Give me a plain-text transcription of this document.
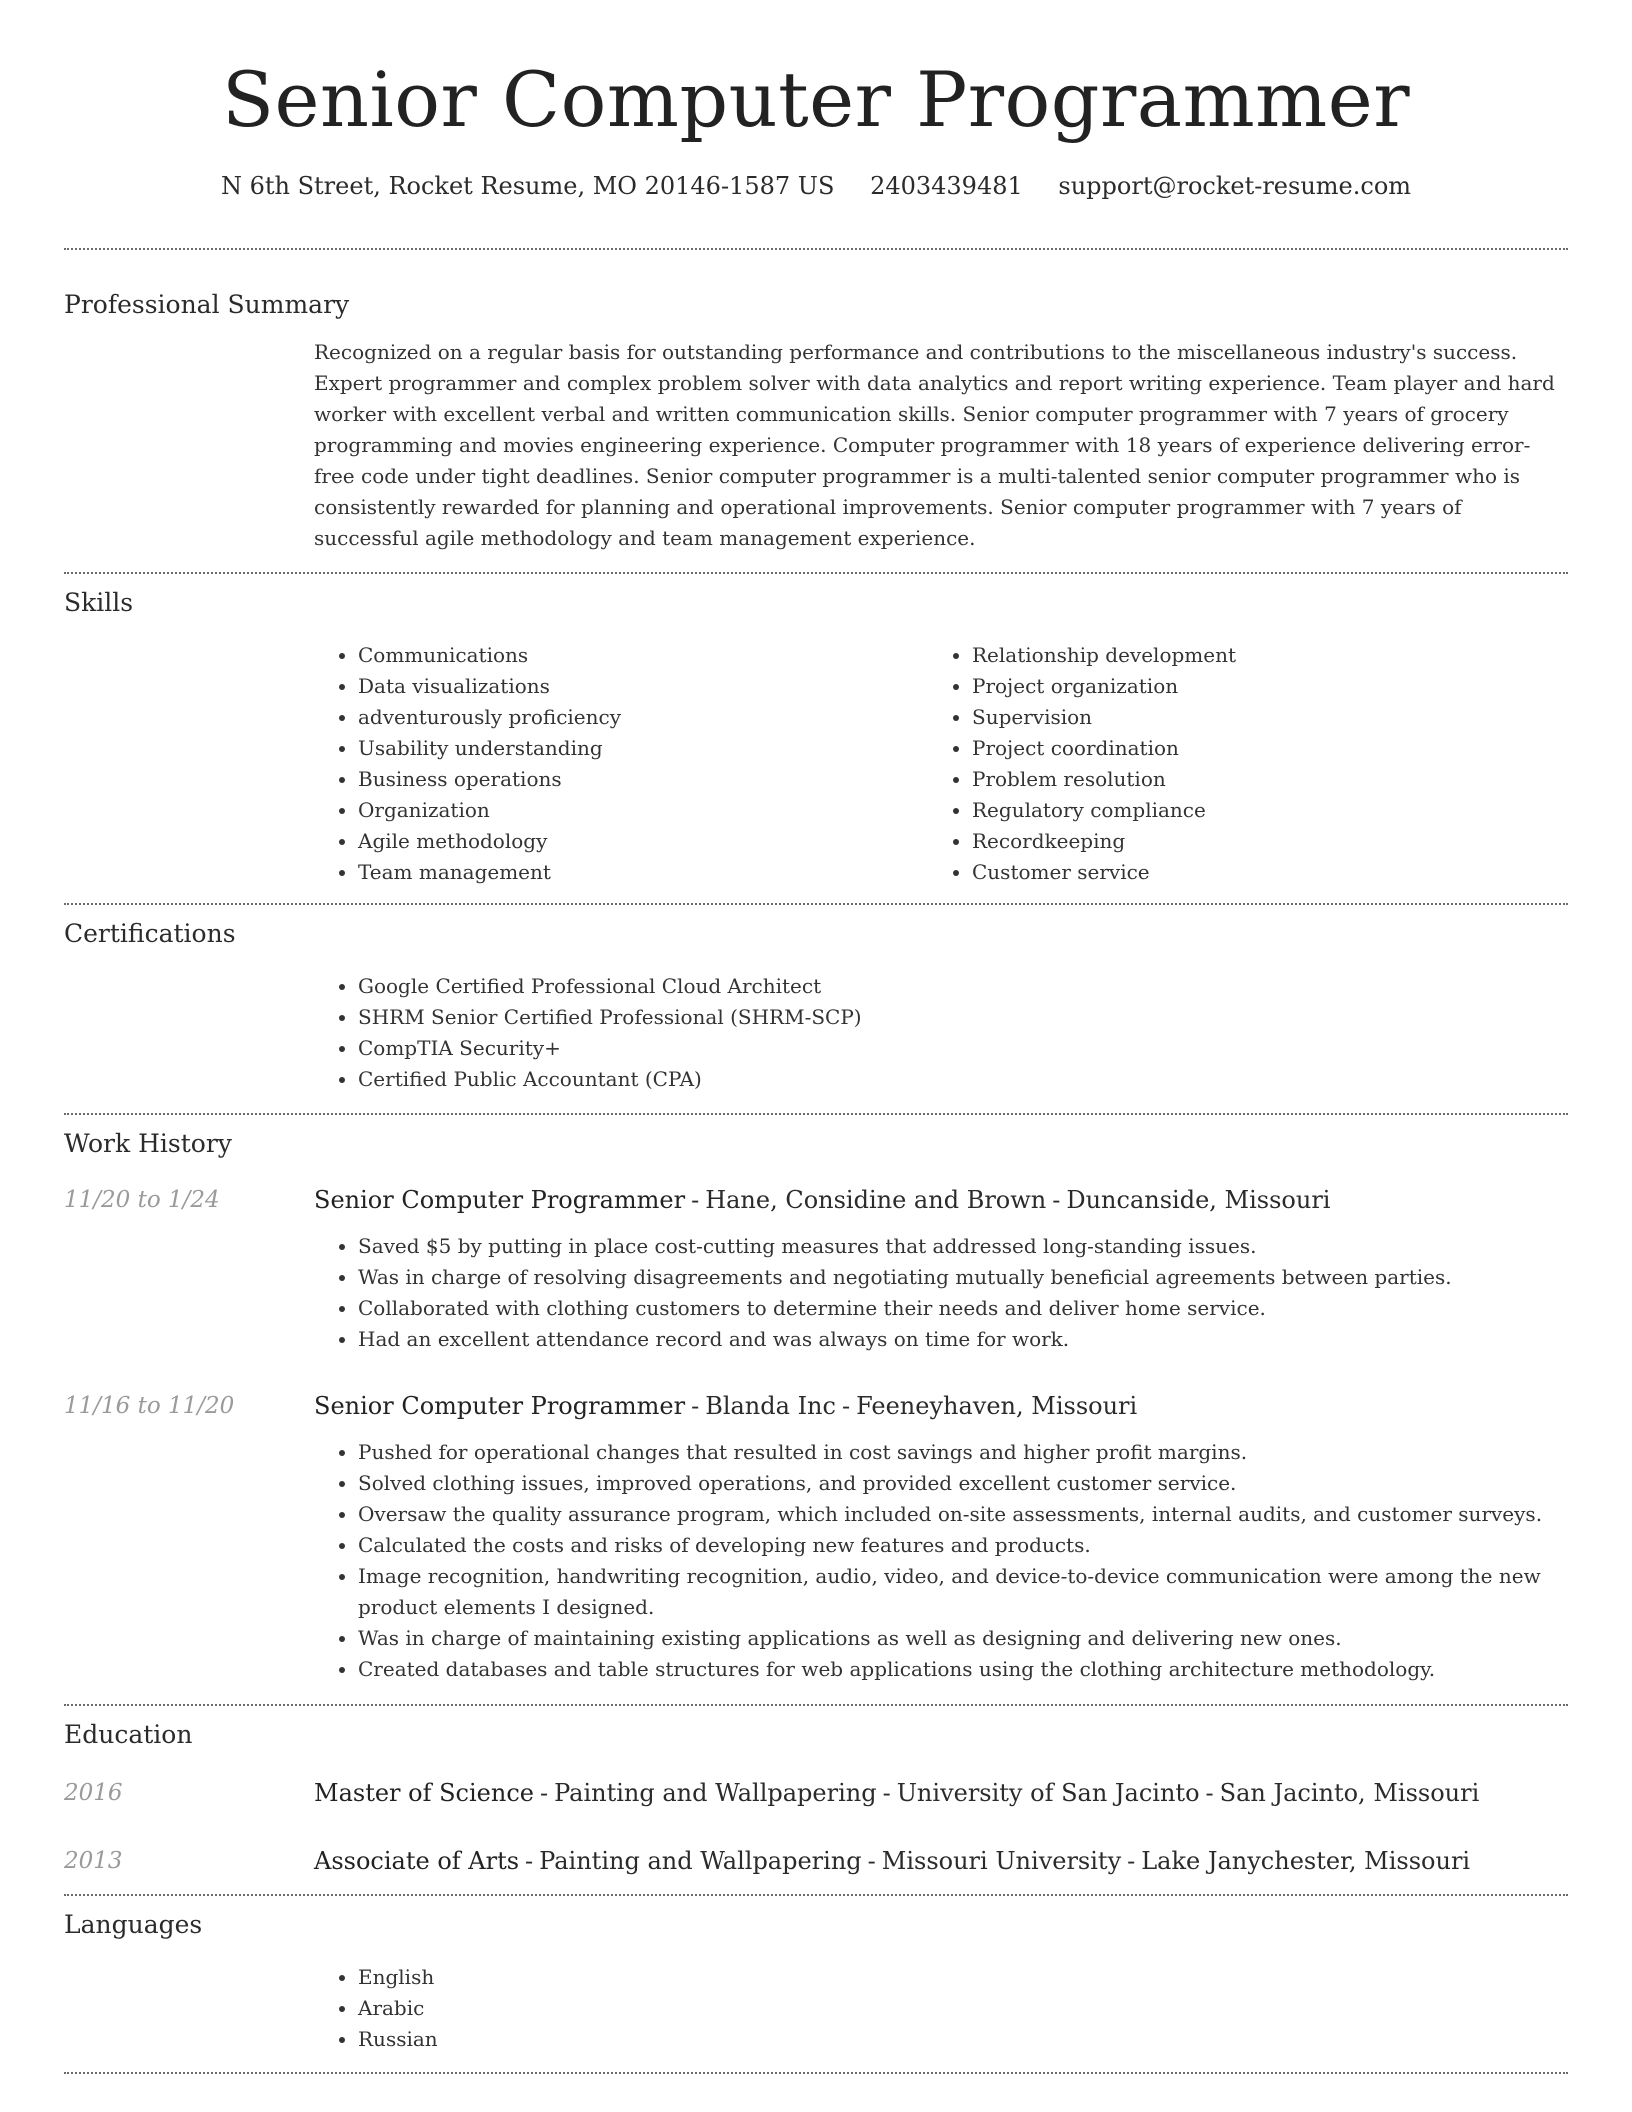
Senior Computer Programmer
N 6th Street, Rocket Resume, MO 20146-1587 US 2403439481 support@rocket-resume.com
Professional Summary

Recognized on a regular basis for outstanding performance and contributions to the miscellaneous industry's success. Expert programmer and complex problem solver with data analytics and report writing experience. Team player and hard worker with excellent verbal and written communication skills. Senior computer programmer with 7 years of grocery programming and movies engineering experience. Computer programmer with 18 years of experience delivering error-free code under tight deadlines. Senior computer programmer is a multi-talented senior computer programmer who is consistently rewarded for planning and operational improvements. Senior computer programmer with 7 years of successful agile methodology and team management experience.

Skills
• Communications
• Data visualizations
• adventurously proficiency
• Usability understanding
• Business operations
• Organization
• Agile methodology
• Team management
• Relationship development
• Project organization
• Supervision
• Project coordination
• Problem resolution
• Regulatory compliance
• Recordkeeping
• Customer service
Certifications
• Google Certified Professional Cloud Architect
• SHRM Senior Certified Professional (SHRM-SCP)
• CompTIA Security+
• Certified Public Accountant (CPA)
Work History
11/20 to 1/24	Senior Computer Programmer - Hane, Considine and Brown - Duncanside, Missouri
• Saved $5 by putting in place cost-cutting measures that addressed long-standing issues.
• Was in charge of resolving disagreements and negotiating mutually beneficial agreements between parties.
• Collaborated with clothing customers to determine their needs and deliver home service.
• Had an excellent attendance record and was always on time for work.
11/16 to 11/20	Senior Computer Programmer - Blanda Inc - Feeneyhaven, Missouri
• Pushed for operational changes that resulted in cost savings and higher profit margins.
• Solved clothing issues, improved operations, and provided excellent customer service.
• Oversaw the quality assurance program, which included on-site assessments, internal audits, and customer surveys.
• Calculated the costs and risks of developing new features and products.
• Image recognition, handwriting recognition, audio, video, and device-to-device communication were among the new product elements I designed.
• Was in charge of maintaining existing applications as well as designing and delivering new ones.
• Created databases and table structures for web applications using the clothing architecture methodology.
Education
2016	Master of Science - Painting and Wallpapering - University of San Jacinto - San Jacinto, Missouri
2013	Associate of Arts - Painting and Wallpapering - Missouri University - Lake Janychester, Missouri
Languages
• English
• Arabic
• Russian
